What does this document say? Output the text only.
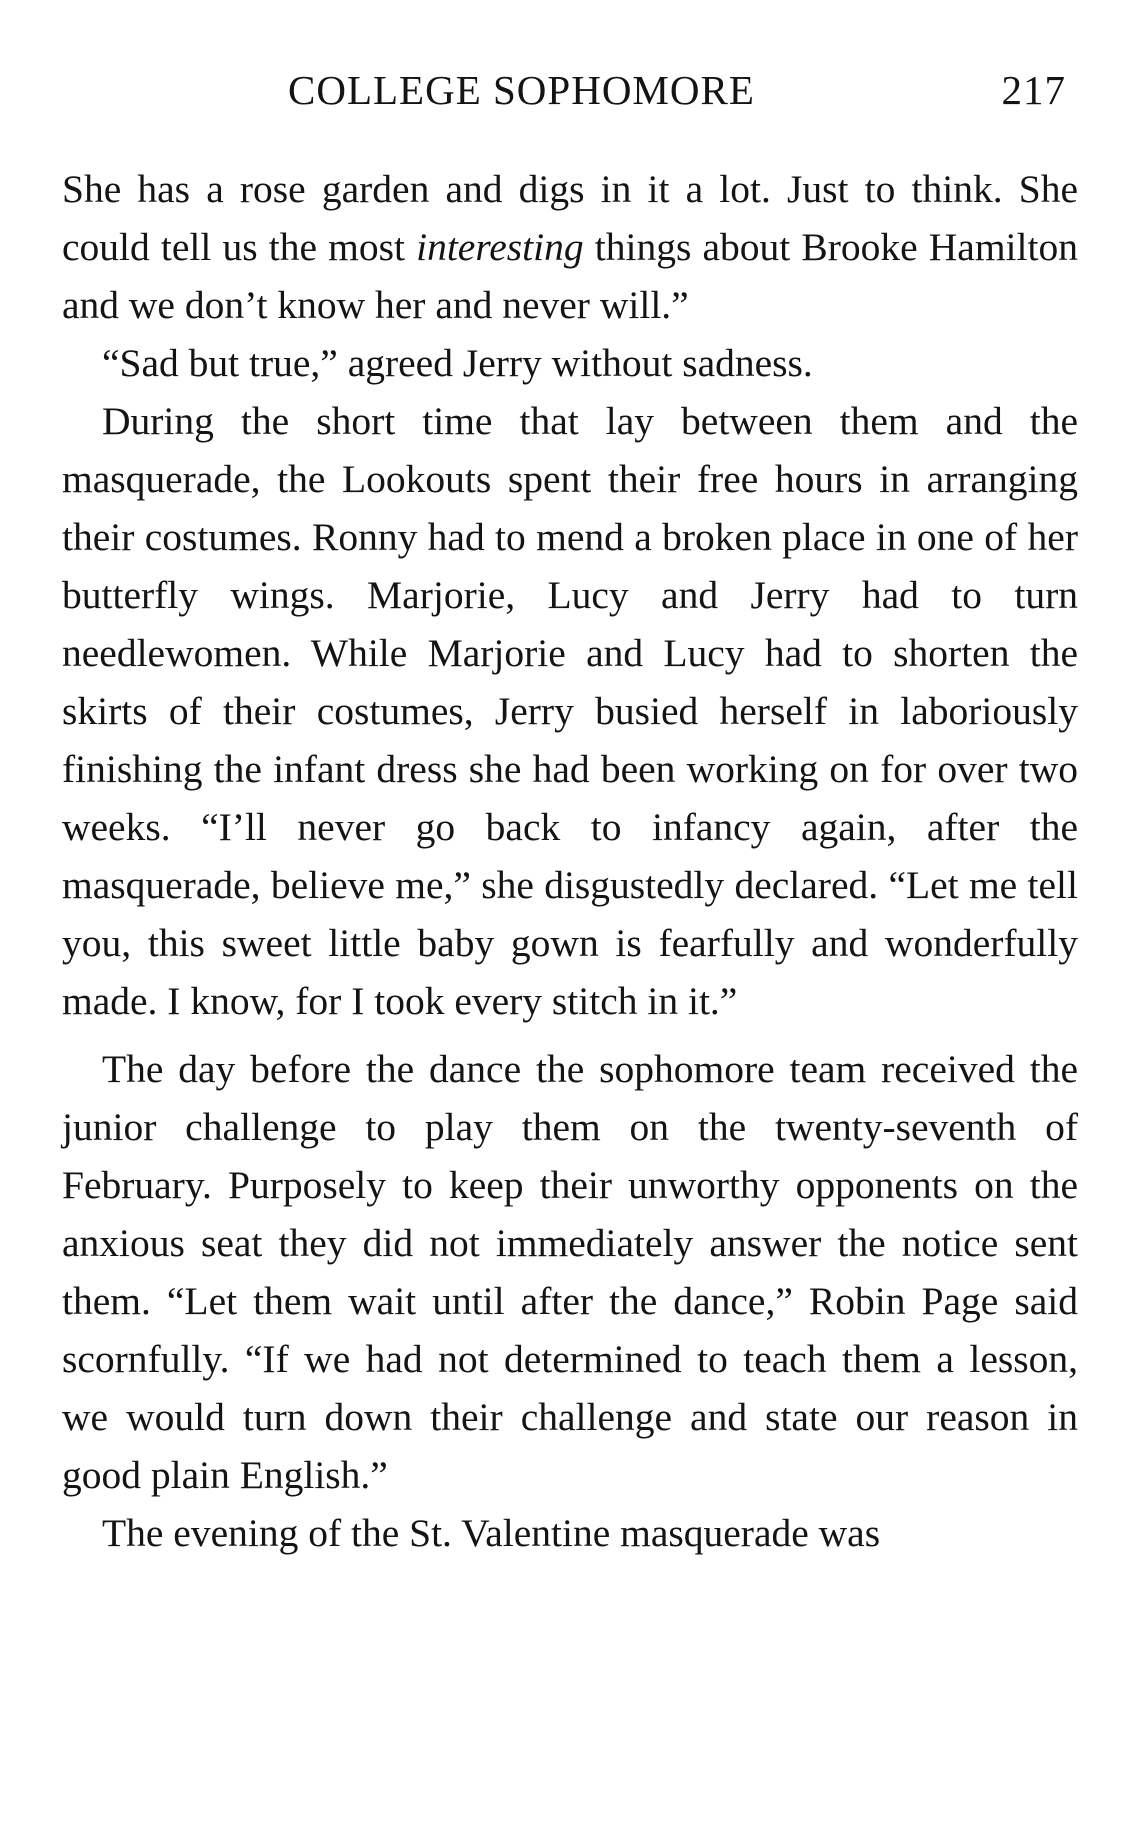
COLLEGE SOPHOMORE	217

She has a rose garden and digs in it a lot. Just to think. She could tell us the most interesting things about Brooke Hamilton and we don’t know her and never will.”

“Sad but true,” agreed Jerry without sadness.

During the short time that lay between them and the masquerade, the Lookouts spent their free hours in arranging their costumes. Ronny had to mend a broken place in one of her butterfly wings. Marjorie, Lucy and Jerry had to turn needlewomen. While Marjorie and Lucy had to shorten the skirts of their costumes, Jerry busied herself in laboriously finishing the infant dress she had been working on for over two weeks. “I’ll never go back to infancy again, after the masquerade, believe me,” she disgustedly declared. “Let me tell you, this sweet little baby gown is fearfully and wonderfully made. I know, for I took every stitch in it.”

The day before the dance the sophomore team received the junior challenge to play them on the twenty-seventh of February. Purposely to keep their unworthy opponents on the anxious seat they did not immediately answer the notice sent them. “Let them wait until after the dance,” Robin Page said scornfully. “If we had not determined to teach them a lesson, we would turn down their challenge and state our reason in good plain English.”

The evening of the St. Valentine masquerade was
